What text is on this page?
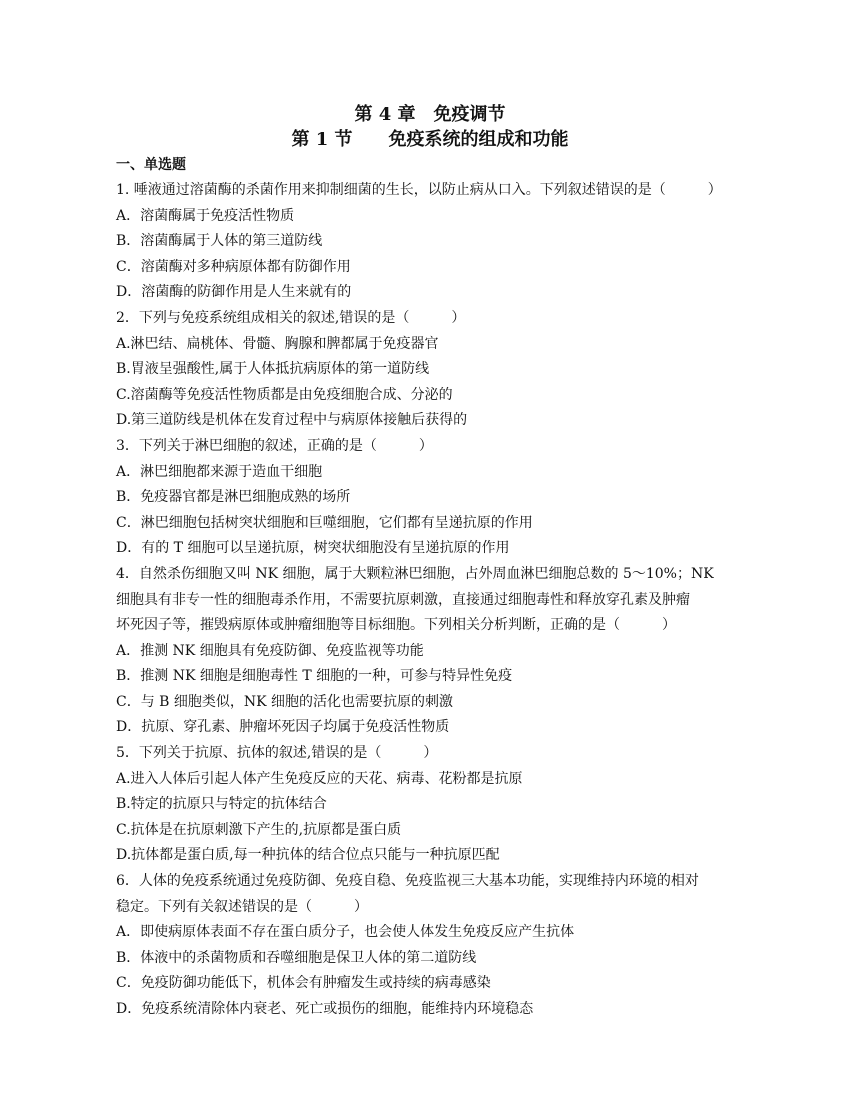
第 4 章　免疫调节
第 1 节　　免疫系统的组成和功能
一、单选题
1. 唾液通过溶菌酶的杀菌作用来抑制细菌的生长，以防止病从口入。下列叙述错误的是（　　　）
A．溶菌酶属于免疫活性物质
B．溶菌酶属于人体的第三道防线
C．溶菌酶对多种病原体都有防御作用
D．溶菌酶的防御作用是人生来就有的
2．下列与免疫系统组成相关的叙述,错误的是（　　　）
A.淋巴结、扁桃体、骨髓、胸腺和脾都属于免疫器官
B.胃液呈强酸性,属于人体抵抗病原体的第一道防线
C.溶菌酶等免疫活性物质都是由免疫细胞合成、分泌的
D.第三道防线是机体在发育过程中与病原体接触后获得的
3．下列关于淋巴细胞的叙述，正确的是（　　　）
A．淋巴细胞都来源于造血干细胞
B．免疫器官都是淋巴细胞成熟的场所
C．淋巴细胞包括树突状细胞和巨噬细胞，它们都有呈递抗原的作用
D．有的 T 细胞可以呈递抗原，树突状细胞没有呈递抗原的作用
4．自然杀伤细胞又叫 NK 细胞，属于大颗粒淋巴细胞，占外周血淋巴细胞总数的 5～10%；NK
细胞具有非专一性的细胞毒杀作用，不需要抗原刺激，直接通过细胞毒性和释放穿孔素及肿瘤
坏死因子等，摧毁病原体或肿瘤细胞等目标细胞。下列相关分析判断，正确的是（　　　）
A．推测 NK 细胞具有免疫防御、免疫监视等功能
B．推测 NK 细胞是细胞毒性 T 细胞的一种，可参与特异性免疫
C．与 B 细胞类似，NK 细胞的活化也需要抗原的刺激
D．抗原、穿孔素、肿瘤坏死因子均属于免疫活性物质
5．下列关于抗原、抗体的叙述,错误的是（　　　）
A.进入人体后引起人体产生免疫反应的天花、病毒、花粉都是抗原
B.特定的抗原只与特定的抗体结合
C.抗体是在抗原刺激下产生的,抗原都是蛋白质
D.抗体都是蛋白质,每一种抗体的结合位点只能与一种抗原匹配
6．人体的免疫系统通过免疫防御、免疫自稳、免疫监视三大基本功能，实现维持内环境的相对
稳定。下列有关叙述错误的是（　　　）
A．即使病原体表面不存在蛋白质分子，也会使人体发生免疫反应产生抗体
B．体液中的杀菌物质和吞噬细胞是保卫人体的第二道防线
C．免疫防御功能低下，机体会有肿瘤发生或持续的病毒感染
D．免疫系统清除体内衰老、死亡或损伤的细胞，能维持内环境稳态
